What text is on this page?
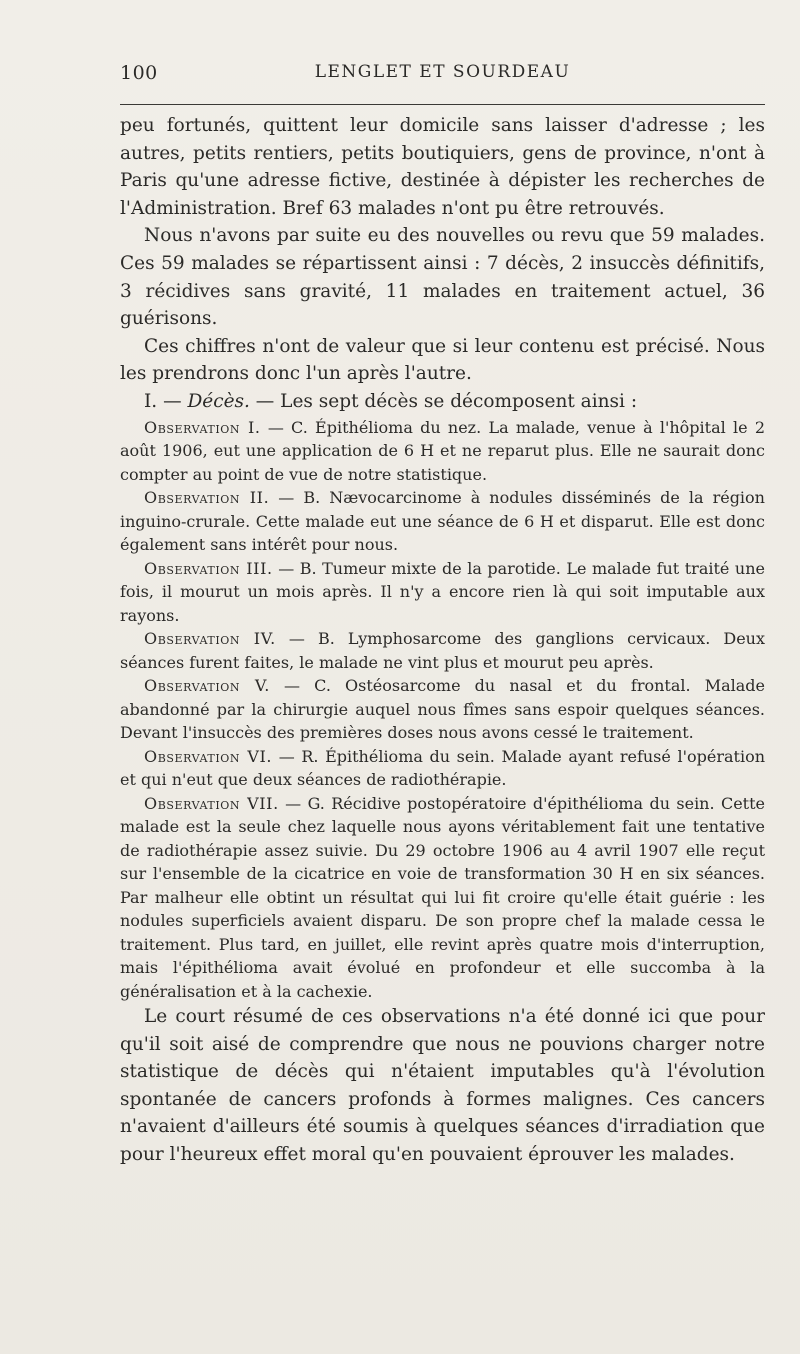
100	LENGLET ET SOURDEAU

peu fortunés, quittent leur domicile sans laisser d'adresse ; les autres, petits rentiers, petits boutiquiers, gens de province, n'ont à Paris qu'une adresse fictive, destinée à dépister les recherches de l'Administration. Bref 63 malades n'ont pu être retrouvés.

Nous n'avons par suite eu des nouvelles ou revu que 59 malades. Ces 59 malades se répartissent ainsi : 7 décès, 2 insuccès définitifs, 3 récidives sans gravité, 11 malades en traitement actuel, 36 guérisons.

Ces chiffres n'ont de valeur que si leur contenu est précisé. Nous les prendrons donc l'un après l'autre.

I. — Décès. — Les sept décès se décomposent ainsi :

Observation I. — C. Épithélioma du nez. La malade, venue à l'hôpital le 2 août 1906, eut une application de 6 H et ne reparut plus. Elle ne saurait donc compter au point de vue de notre statistique.

Observation II. — B. Nævocarcinome à nodules disséminés de la région inguino-crurale. Cette malade eut une séance de 6 H et disparut. Elle est donc également sans intérêt pour nous.

Observation III. — B. Tumeur mixte de la parotide. Le malade fut traité une fois, il mourut un mois après. Il n'y a encore rien là qui soit imputable aux rayons.

Observation IV. — B. Lymphosarcome des ganglions cervicaux. Deux séances furent faites, le malade ne vint plus et mourut peu après.

Observation V. — C. Ostéosarcome du nasal et du frontal. Malade abandonné par la chirurgie auquel nous fîmes sans espoir quelques séances. Devant l'insuccès des premières doses nous avons cessé le traitement.

Observation VI. — R. Épithélioma du sein. Malade ayant refusé l'opération et qui n'eut que deux séances de radiothérapie.

Observation VII. — G. Récidive postopératoire d'épithélioma du sein. Cette malade est la seule chez laquelle nous ayons véritablement fait une tentative de radiothérapie assez suivie. Du 29 octobre 1906 au 4 avril 1907 elle reçut sur l'ensemble de la cicatrice en voie de transformation 30 H en six séances. Par malheur elle obtint un résultat qui lui fit croire qu'elle était guérie : les nodules superficiels avaient disparu. De son propre chef la malade cessa le traitement. Plus tard, en juillet, elle revint après quatre mois d'interruption, mais l'épithélioma avait évolué en profondeur et elle succomba à la généralisation et à la cachexie.

Le court résumé de ces observations n'a été donné ici que pour qu'il soit aisé de comprendre que nous ne pouvions charger notre statistique de décès qui n'étaient imputables qu'à l'évolution spontanée de cancers profonds à formes malignes. Ces cancers n'avaient d'ailleurs été soumis à quelques séances d'irradiation que pour l'heureux effet moral qu'en pouvaient éprouver les malades.
